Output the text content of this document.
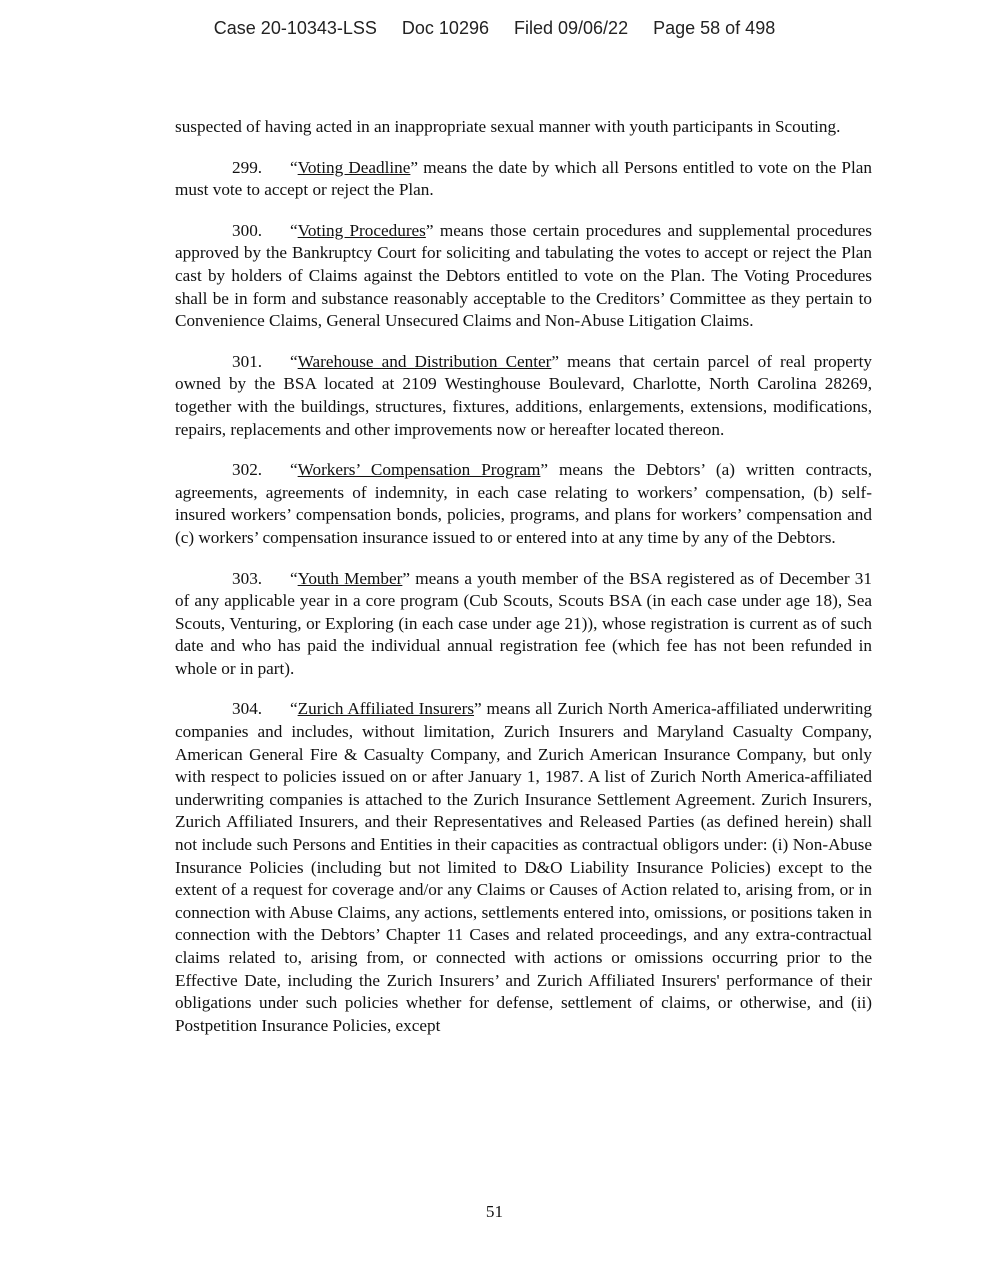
Case 20-10343-LSS Doc 10296 Filed 09/06/22 Page 58 of 498

suspected of having acted in an inappropriate sexual manner with youth participants in Scouting.

299. “Voting Deadline” means the date by which all Persons entitled to vote on the Plan must vote to accept or reject the Plan.

300. “Voting Procedures” means those certain procedures and supplemental procedures approved by the Bankruptcy Court for soliciting and tabulating the votes to accept or reject the Plan cast by holders of Claims against the Debtors entitled to vote on the Plan. The Voting Procedures shall be in form and substance reasonably acceptable to the Creditors’ Committee as they pertain to Convenience Claims, General Unsecured Claims and Non-Abuse Litigation Claims.

301. “Warehouse and Distribution Center” means that certain parcel of real property owned by the BSA located at 2109 Westinghouse Boulevard, Charlotte, North Carolina 28269, together with the buildings, structures, fixtures, additions, enlargements, extensions, modifications, repairs, replacements and other improvements now or hereafter located thereon.

302. “Workers’ Compensation Program” means the Debtors’ (a) written contracts, agreements, agreements of indemnity, in each case relating to workers’ compensation, (b) self-insured workers’ compensation bonds, policies, programs, and plans for workers’ compensation and (c) workers’ compensation insurance issued to or entered into at any time by any of the Debtors.

303. “Youth Member” means a youth member of the BSA registered as of December 31 of any applicable year in a core program (Cub Scouts, Scouts BSA (in each case under age 18), Sea Scouts, Venturing, or Exploring (in each case under age 21)), whose registration is current as of such date and who has paid the individual annual registration fee (which fee has not been refunded in whole or in part).

304. “Zurich Affiliated Insurers” means all Zurich North America-affiliated underwriting companies and includes, without limitation, Zurich Insurers and Maryland Casualty Company, American General Fire & Casualty Company, and Zurich American Insurance Company, but only with respect to policies issued on or after January 1, 1987. A list of Zurich North America-affiliated underwriting companies is attached to the Zurich Insurance Settlement Agreement. Zurich Insurers, Zurich Affiliated Insurers, and their Representatives and Released Parties (as defined herein) shall not include such Persons and Entities in their capacities as contractual obligors under: (i) Non-Abuse Insurance Policies (including but not limited to D&O Liability Insurance Policies) except to the extent of a request for coverage and/or any Claims or Causes of Action related to, arising from, or in connection with Abuse Claims, any actions, settlements entered into, omissions, or positions taken in connection with the Debtors’ Chapter 11 Cases and related proceedings, and any extra-contractual claims related to, arising from, or connected with actions or omissions occurring prior to the Effective Date, including the Zurich Insurers’ and Zurich Affiliated Insurers' performance of their obligations under such policies whether for defense, settlement of claims, or otherwise, and (ii) Postpetition Insurance Policies, except

51
